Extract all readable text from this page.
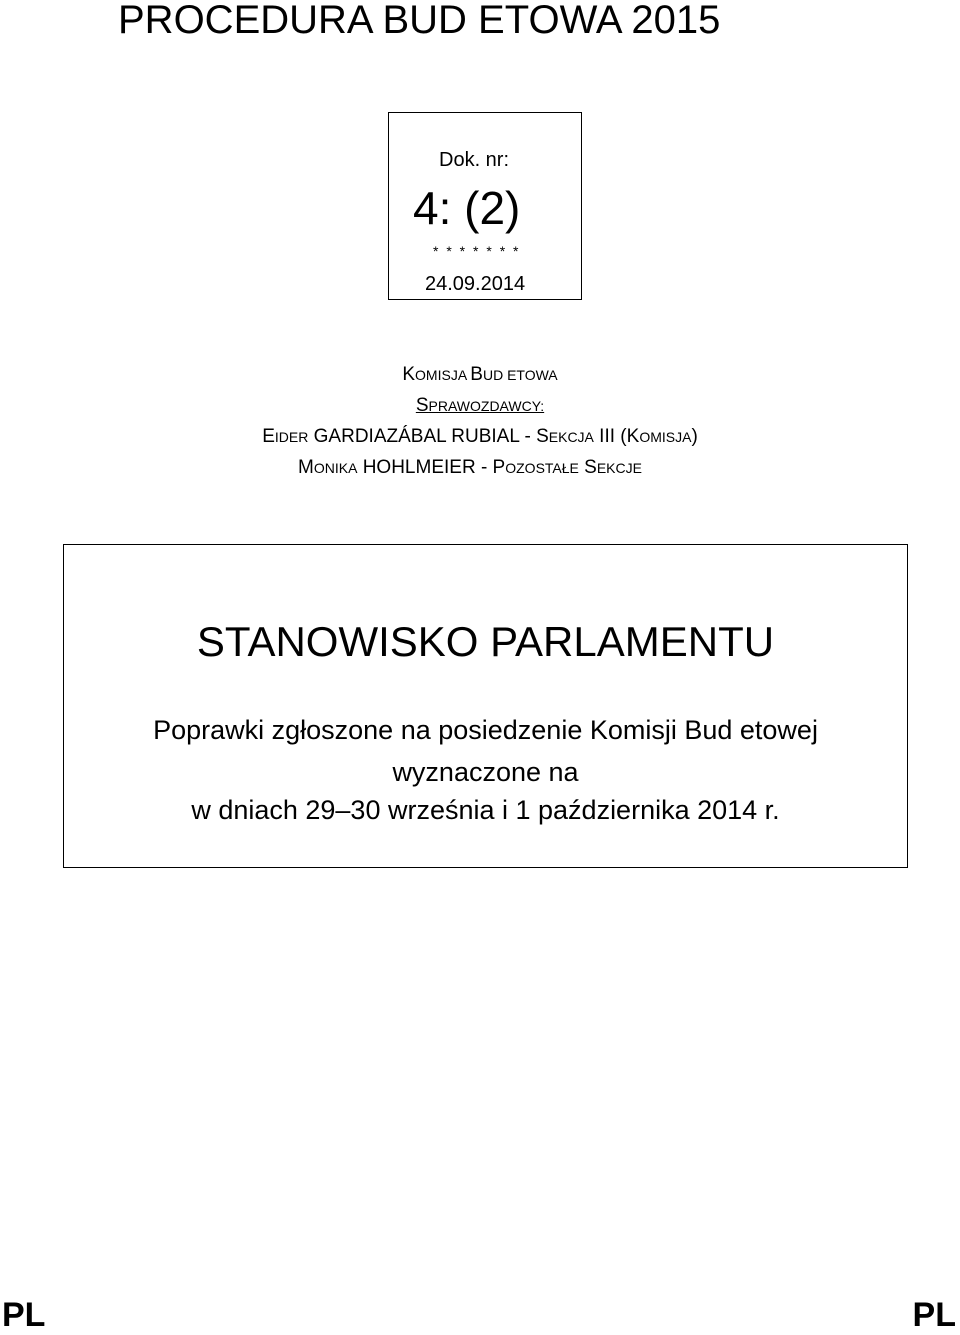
PROCEDURA BUD ETOWA 2015
Dok. nr:
4: (2)
* * * * * * *
24.09.2014
KOMISJA BUD ETOWA
SPRAWOZDAWCY:
EIDER GARDIAZÁBAL RUBIAL - SEKCJA III (KOMISJA)
MONIKA HOHLMEIER - POZOSTAŁE SEKCJE
STANOWISKO PARLAMENTU
Poprawki zgłoszone na posiedzenie Komisji Bud etowej
wyznaczone na
w dniach 29–30 września i 1 października 2014 r.
PL	PL
